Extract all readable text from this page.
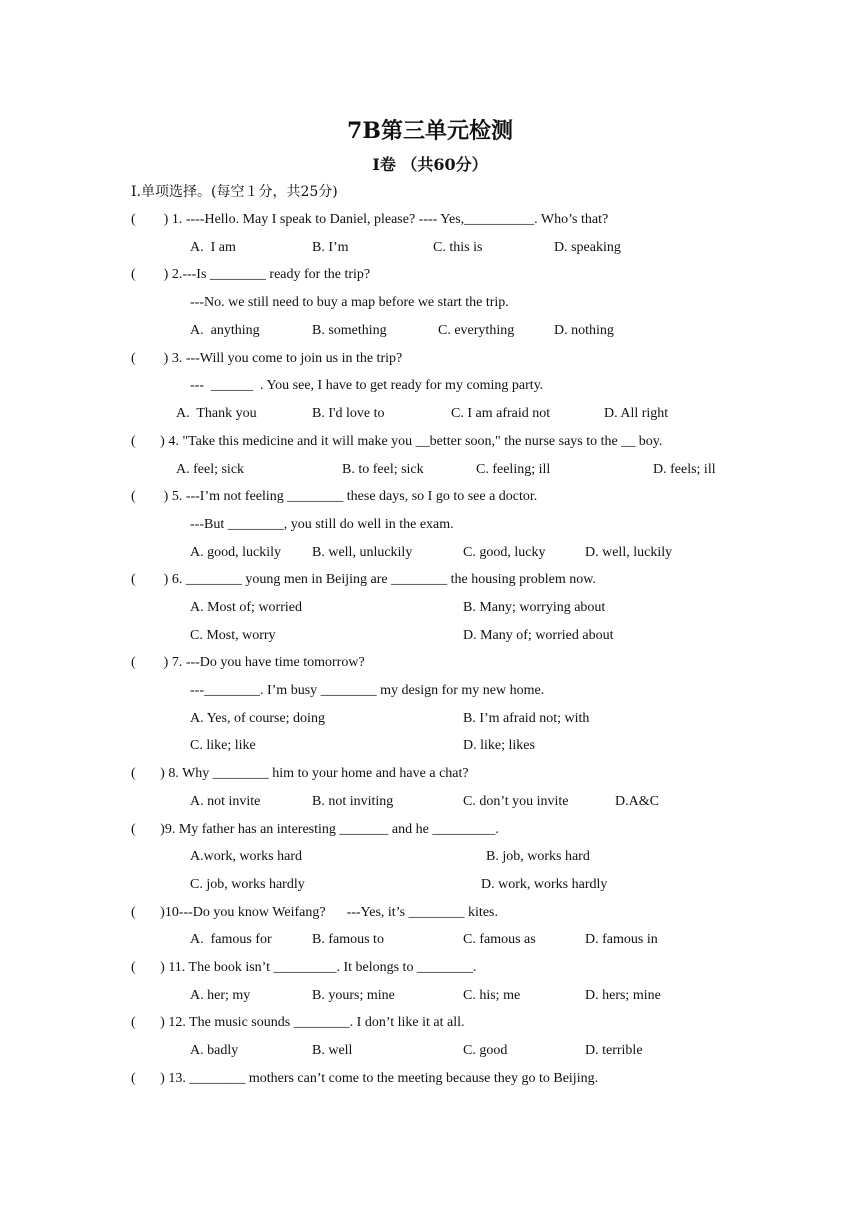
7B第三单元检测
I卷 （共60分）
I.单项选择。(每空１分，共25分)
(        ) 1. ----Hello. May I speak to Daniel, please? ---- Yes,__________. Who’s that?
A.  I am	B. I’m	C. this is	D. speaking
(        ) 2.---Is ________ ready for the trip?
---No. we still need to buy a map before we start the trip.
A.  anything	B. something	C. everything	D. nothing
(        ) 3. ---Will you come to join us in the trip?
---  ______  . You see, I have to get ready for my coming party.
A.  Thank you	B. I'd love to	C. I am afraid not	D. All right
(       ) 4. "Take this medicine and it will make you __better soon," the nurse says to the __ boy.
A. feel; sick	B. to feel; sick	C. feeling; ill	D. feels; ill
(        ) 5. ---I’m not feeling ________ these days, so I go to see a doctor.
---But ________, you still do well in the exam.
A. good, luckily B. well, unluckily	C. good, lucky	D. well, luckily
(        ) 6. ________ young men in Beijing are ________ the housing problem now.
A. Most of; worried	B. Many; worrying about
C. Most, worry	D. Many of; worried about
(        ) 7. ---Do you have time tomorrow?
---________. I’m busy ________ my design for my new home.
A. Yes, of course; doing	B. I’m afraid not; with
C. like; like	D. like; likes
(       ) 8. Why ________ him to your home and have a chat?
A. not invite	B. not inviting	C. don’t you invite	D.A&C
(       )9. My father has an interesting _______ and he _________.
A.work, works hard	B. job, works hard
C. job, works hardly	D. work, works hardly
(       )10---Do you know Weifang?      ---Yes, it’s ________ kites.
A.  famous for	B. famous to	C. famous as	D. famous in
(       ) 11. The book isn’t _________. It belongs to ________.
A. her; my	B. yours; mine	C. his; me	D. hers; mine
(       ) 12. The music sounds ________. I don’t like it at all.
A. badly	B. well	C. good	D. terrible
(       ) 13. ________ mothers can’t come to the meeting because they go to Beijing.
